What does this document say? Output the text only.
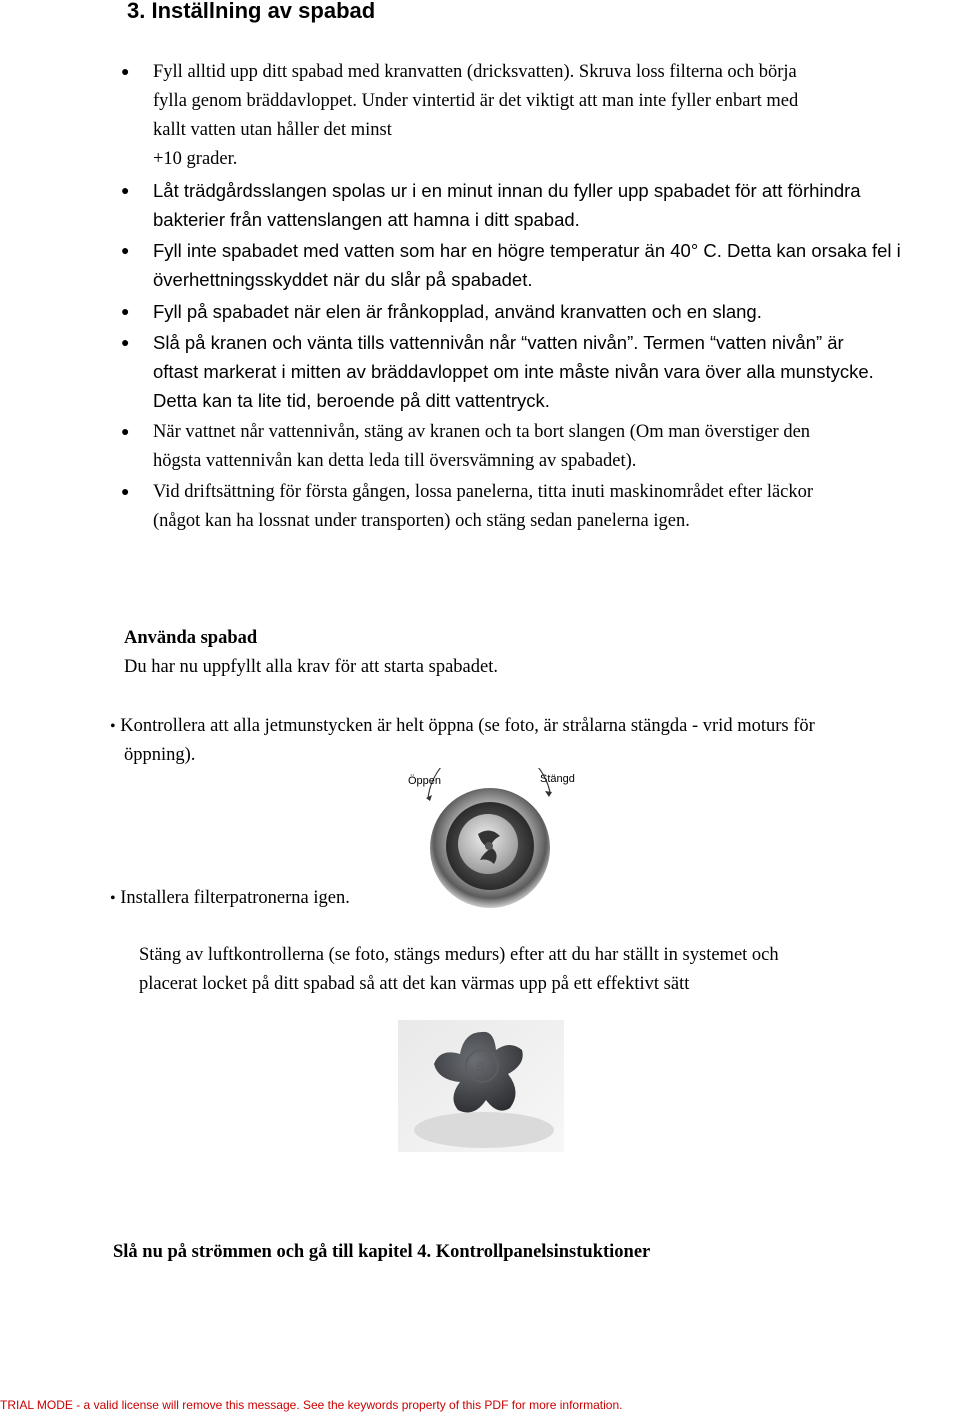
3. Inställning av spabad
● Fyll alltid upp ditt spabad med kranvatten (dricksvatten). Skruva loss filterna och börja
fylla genom bräddavloppet. Under vintertid är det viktigt att man inte fyller enbart med
kallt vatten utan håller det minst
+10 grader.
● Låt trädgårdsslangen spolas ur i en minut innan du fyller upp spabadet för att förhindra
bakterier från vattenslangen att hamna i ditt spabad.
● Fyll inte spabadet med vatten som har en högre temperatur än 40° C. Detta kan orsaka fel i
överhettningsskyddet när du slår på spabadet.
● Fyll på spabadet när elen är frånkopplad, använd kranvatten och en slang.
● Slå på kranen och vänta tills vattennivån når “vatten nivån”. Termen “vatten nivån” är
oftast markerat i mitten av bräddavloppet om inte måste nivån vara över alla munstycke.
Detta kan ta lite tid, beroende på ditt vattentryck.
● När vattnet når vattennivån, stäng av kranen och ta bort slangen (Om man överstiger den
högsta vattennivån kan detta leda till översvämning av spabadet).
● Vid driftsättning för första gången, lossa panelerna, titta inuti maskinområdet efter läckor
(något kan ha lossnat under transporten) och stäng sedan panelerna igen.
Använda spabad
Du har nu uppfyllt alla krav för att starta spabadet.
• Kontrollera att alla jetmunstycken är helt öppna (se foto, är strålarna stängda - vrid moturs för
öppning).
Öppen	Stängd
• Installera filterpatronerna igen.
Stäng av luftkontrollerna (se foto, stängs medurs) efter att du har ställt in systemet och
placerat locket på ditt spabad så att det kan värmas upp på ett effektivt sätt
S
Slå nu på strömmen och gå till kapitel 4. Kontrollpanelsinstuktioner
TRIAL MODE - a valid license will remove this message. See the keywords property of this PDF for more information.
